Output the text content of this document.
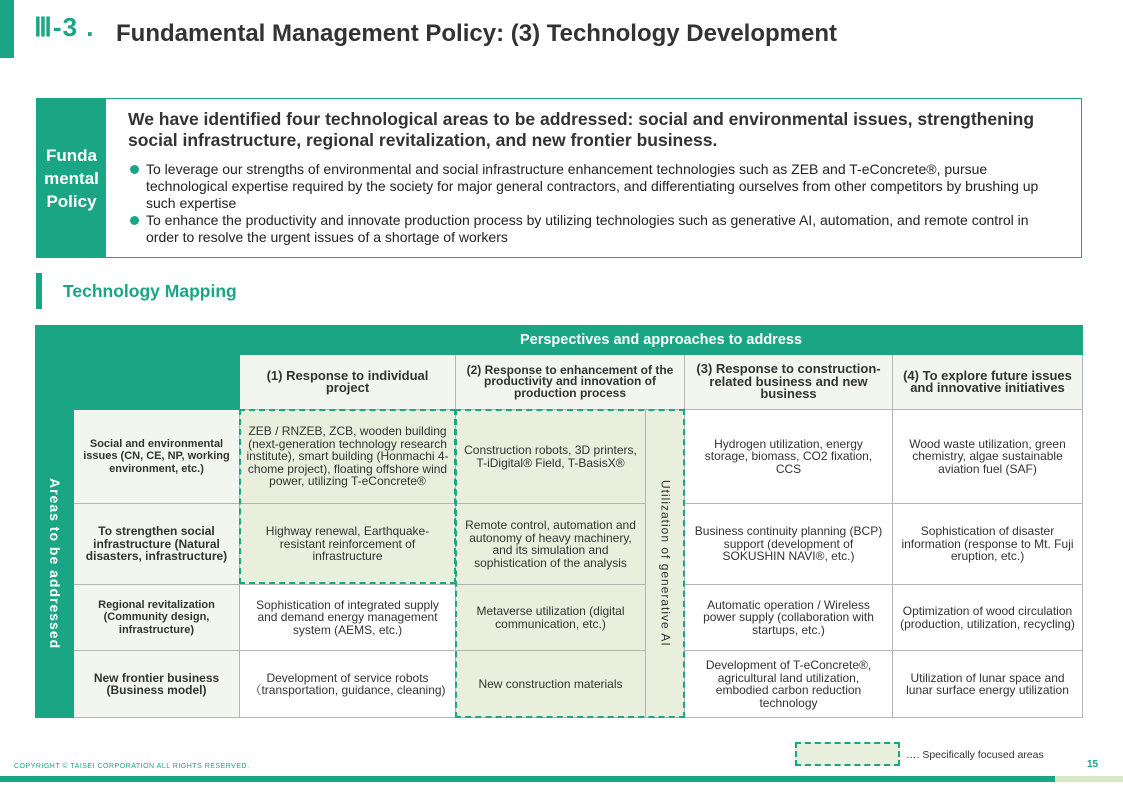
Ⅲ-3 . Fundamental Management Policy: (3) Technology Development
Funda mental Policy
We have identified four technological areas to be addressed: social and environmental issues, strengthening social infrastructure, regional revitalization, and new frontier business.
To leverage our strengths of environmental and social infrastructure enhancement technologies such as ZEB and T-eConcrete®, pursue technological expertise required by the society for major general contractors, and differentiating ourselves from other competitors by brushing up such expertise
To enhance the productivity and innovate production process by utilizing technologies such as generative AI, automation, and remote control in order to resolve the urgent issues of a shortage of workers
Technology Mapping
		Perspectives and approaches to address				
		(1) Response to individual project	(2) Response to enhancement of the productivity and innovation of production process		(3) Response to construction-related business and new business	(4) To explore future issues and innovative initiatives

Areas to be addressed	Social and environmental issues (CN, CE, NP, working environment, etc.)	ZEB / RNZEB, ZCB, wooden building (next-generation technology research institute), smart building (Honmachi 4-chome project), floating offshore wind power, utilizing T-eConcrete®	Construction robots, 3D printers, T-iDigital® Field, T-BasisX®	Utilization of generative AI	Hydrogen utilization, energy storage, biomass, CO2 fixation, CCS	Wood waste utilization, green chemistry, algae sustainable aviation fuel (SAF)
	To strengthen social infrastructure (Natural disasters, infrastructure)	Highway renewal, Earthquake-resistant reinforcement of infrastructure	Remote control, automation and autonomy of heavy machinery, and its simulation and sophistication of the analysis		Business continuity planning (BCP) support (development of SOKUSHIN NAVI®, etc.)	Sophistication of disaster information (response to Mt. Fuji eruption, etc.)
	Regional revitalization (Community design, infrastructure)	Sophistication of integrated supply and demand energy management system (AEMS, etc.)	Metaverse utilization (digital communication, etc.)		Automatic operation / Wireless power supply (collaboration with startups, etc.)	Optimization of wood circulation (production, utilization, recycling)
	New frontier business (Business model)	Development of service robots（transportation, guidance, cleaning)	New construction materials		Development of T-eConcrete®, agricultural land utilization, embodied carbon reduction technology	Utilization of lunar space and lunar surface energy utilization
…. Specifically focused areas
COPYRIGHT © TAISEI CORPORATION ALL RIGHTS RESERVED.	15
